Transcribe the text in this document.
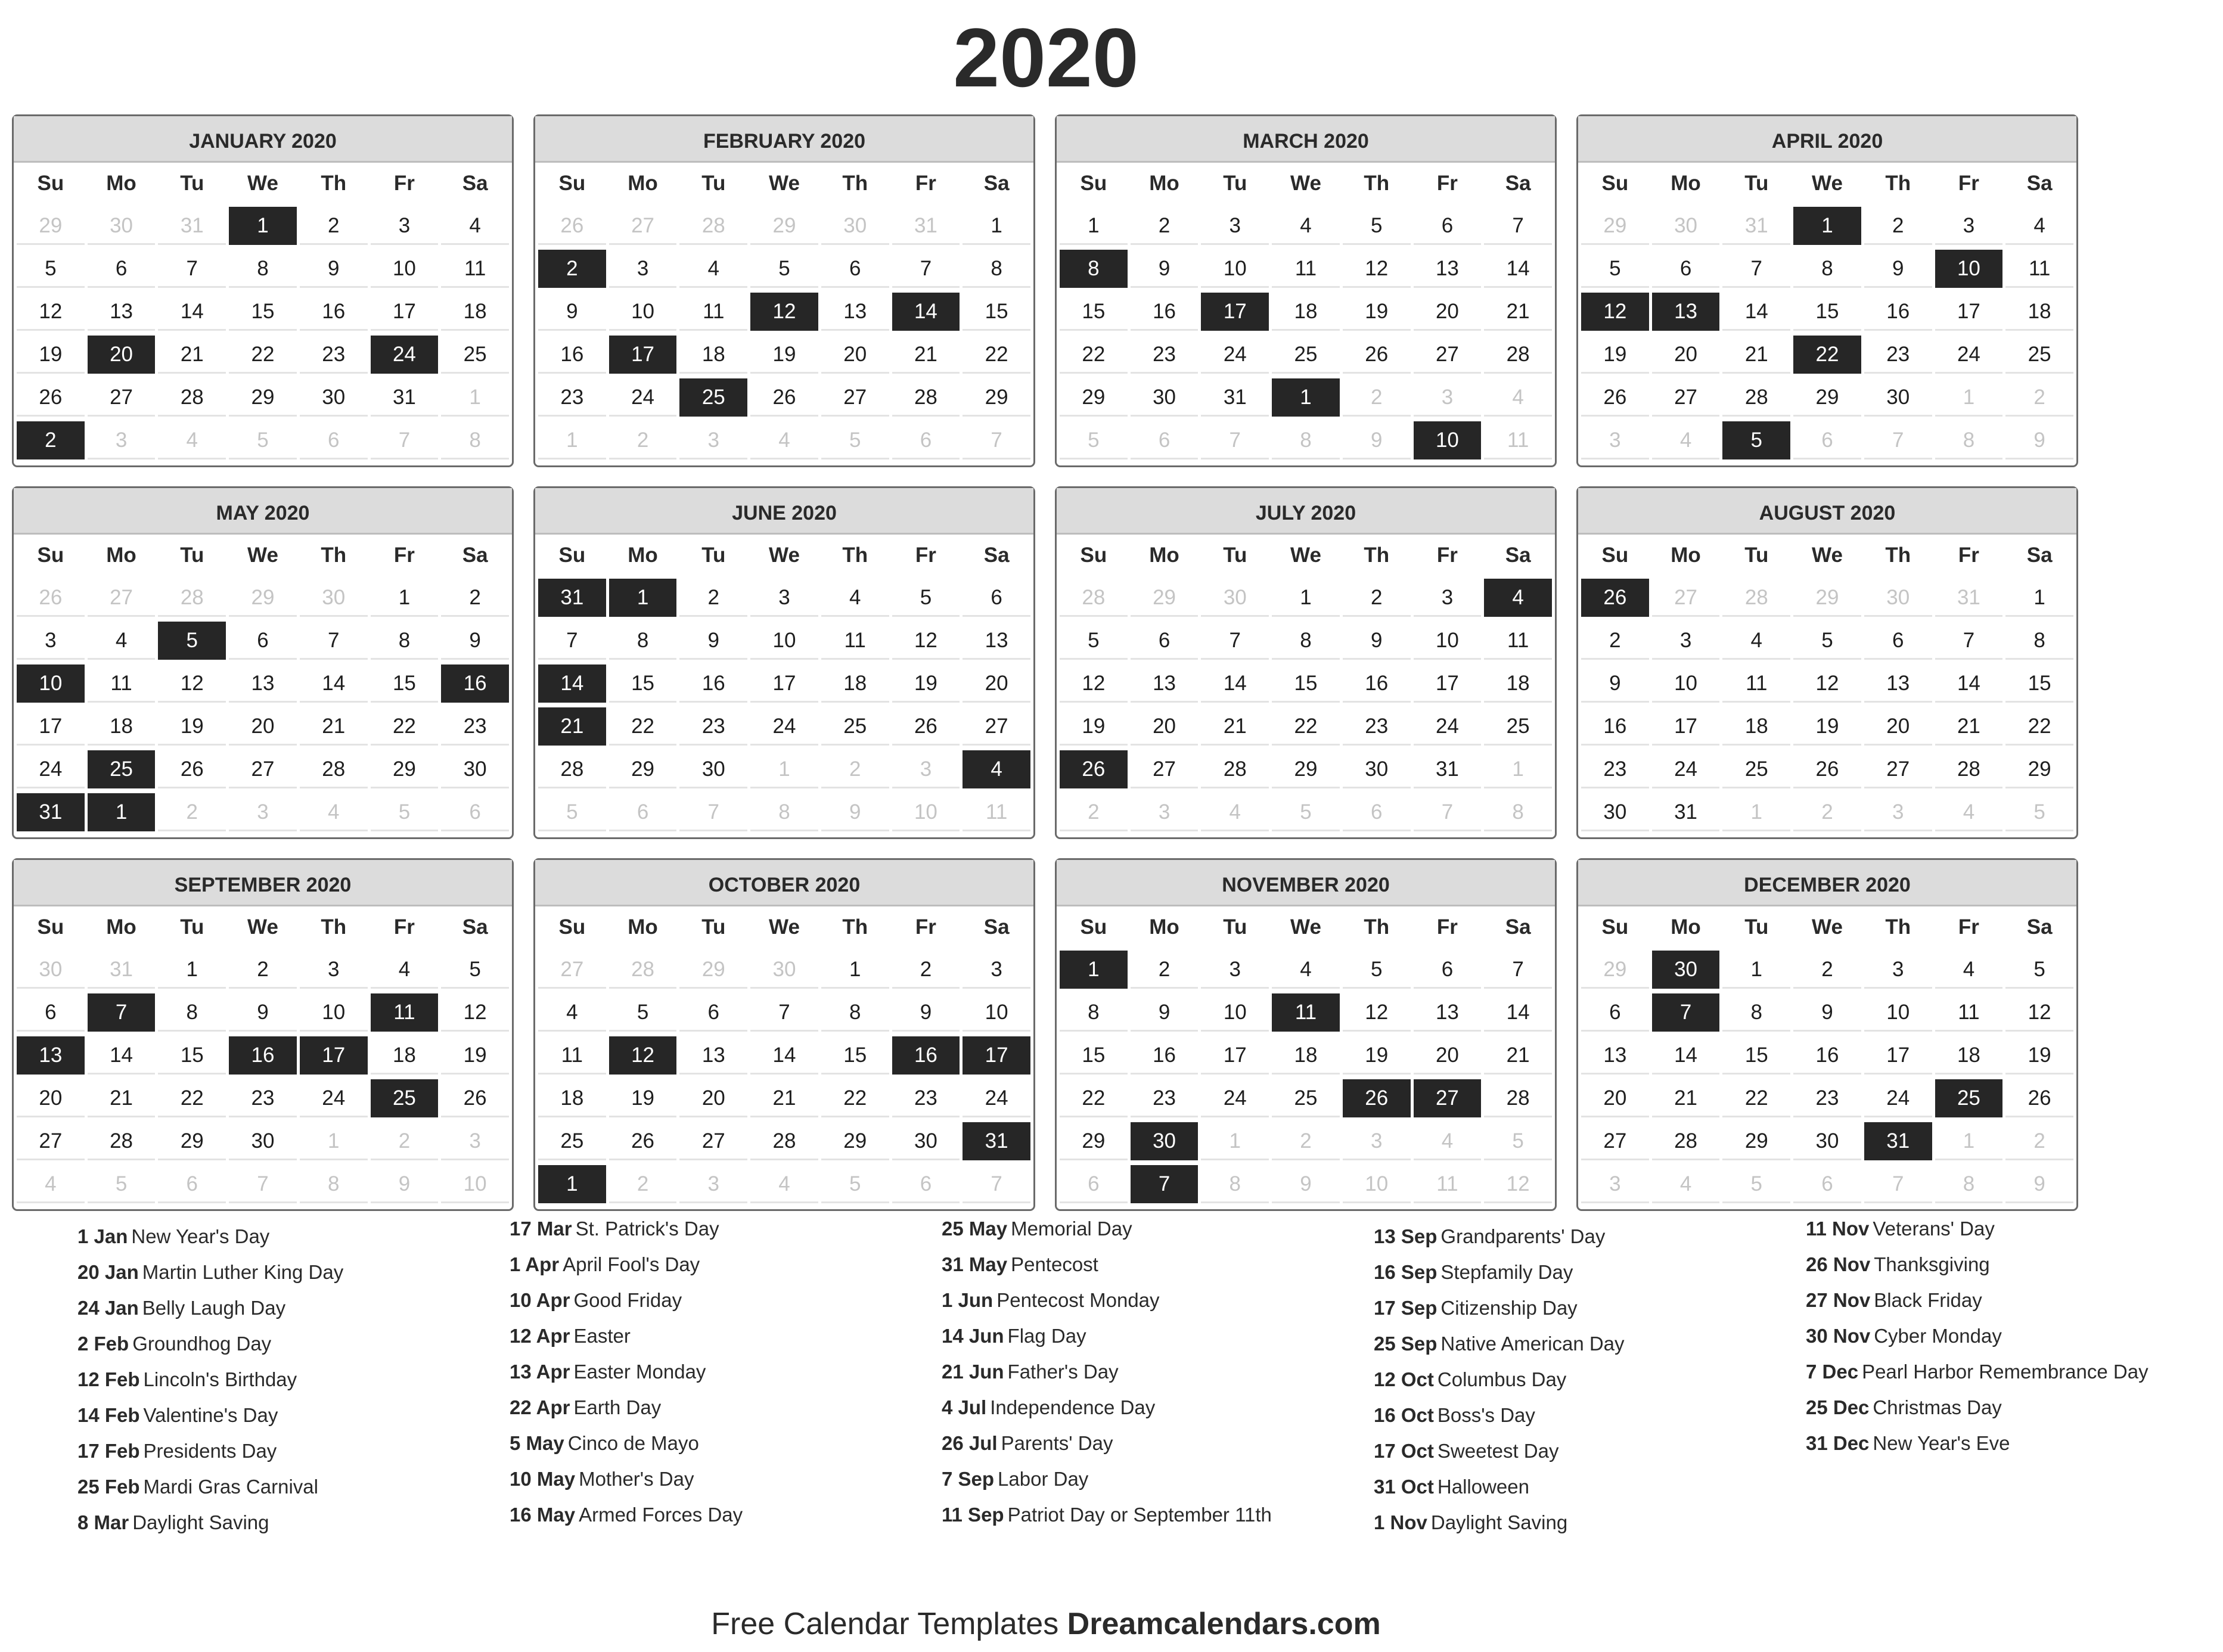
2020
JANUARY 2020
Su	Mo	Tu	We	Th	Fr	Sa
29	30	31	1	2	3	4
5	6	7	8	9	10	11
12	13	14	15	16	17	18
19	20	21	22	23	24	25
26	27	28	29	30	31	1
2	3	4	5	6	7	8
FEBRUARY 2020
Su	Mo	Tu	We	Th	Fr	Sa
26	27	28	29	30	31	1
2	3	4	5	6	7	8
9	10	11	12	13	14	15
16	17	18	19	20	21	22
23	24	25	26	27	28	29
1	2	3	4	5	6	7
MARCH 2020
Su	Mo	Tu	We	Th	Fr	Sa
1	2	3	4	5	6	7
8	9	10	11	12	13	14
15	16	17	18	19	20	21
22	23	24	25	26	27	28
29	30	31	1	2	3	4
5	6	7	8	9	10	11
APRIL 2020
Su	Mo	Tu	We	Th	Fr	Sa
29	30	31	1	2	3	4
5	6	7	8	9	10	11
12	13	14	15	16	17	18
19	20	21	22	23	24	25
26	27	28	29	30	1	2
3	4	5	6	7	8	9
MAY 2020
Su	Mo	Tu	We	Th	Fr	Sa
26	27	28	29	30	1	2
3	4	5	6	7	8	9
10	11	12	13	14	15	16
17	18	19	20	21	22	23
24	25	26	27	28	29	30
31	1	2	3	4	5	6
JUNE 2020
Su	Mo	Tu	We	Th	Fr	Sa
31	1	2	3	4	5	6
7	8	9	10	11	12	13
14	15	16	17	18	19	20
21	22	23	24	25	26	27
28	29	30	1	2	3	4
5	6	7	8	9	10	11
JULY 2020
Su	Mo	Tu	We	Th	Fr	Sa
28	29	30	1	2	3	4
5	6	7	8	9	10	11
12	13	14	15	16	17	18
19	20	21	22	23	24	25
26	27	28	29	30	31	1
2	3	4	5	6	7	8
AUGUST 2020
Su	Mo	Tu	We	Th	Fr	Sa
26	27	28	29	30	31	1
2	3	4	5	6	7	8
9	10	11	12	13	14	15
16	17	18	19	20	21	22
23	24	25	26	27	28	29
30	31	1	2	3	4	5
SEPTEMBER 2020
Su	Mo	Tu	We	Th	Fr	Sa
30	31	1	2	3	4	5
6	7	8	9	10	11	12
13	14	15	16	17	18	19
20	21	22	23	24	25	26
27	28	29	30	1	2	3
4	5	6	7	8	9	10
OCTOBER 2020
Su	Mo	Tu	We	Th	Fr	Sa
27	28	29	30	1	2	3
4	5	6	7	8	9	10
11	12	13	14	15	16	17
18	19	20	21	22	23	24
25	26	27	28	29	30	31
1	2	3	4	5	6	7
NOVEMBER 2020
Su	Mo	Tu	We	Th	Fr	Sa
1	2	3	4	5	6	7
8	9	10	11	12	13	14
15	16	17	18	19	20	21
22	23	24	25	26	27	28
29	30	1	2	3	4	5
6	7	8	9	10	11	12
DECEMBER 2020
Su	Mo	Tu	We	Th	Fr	Sa
29	30	1	2	3	4	5
6	7	8	9	10	11	12
13	14	15	16	17	18	19
20	21	22	23	24	25	26
27	28	29	30	31	1	2
3	4	5	6	7	8	9
1 Jan New Year's Day
20 Jan Martin Luther King Day
24 Jan Belly Laugh Day
2 Feb Groundhog Day
12 Feb Lincoln's Birthday
14 Feb Valentine's Day
17 Feb Presidents Day
25 Feb Mardi Gras Carnival
8 Mar Daylight Saving
17 Mar St. Patrick's Day
1 Apr April Fool's Day
10 Apr Good Friday
12 Apr Easter
13 Apr Easter Monday
22 Apr Earth Day
5 May Cinco de Mayo
10 May Mother's Day
16 May Armed Forces Day
25 May Memorial Day
31 May Pentecost
1 Jun Pentecost Monday
14 Jun Flag Day
21 Jun Father's Day
4 Jul Independence Day
26 Jul Parents' Day
7 Sep Labor Day
11 Sep Patriot Day or September 11th
13 Sep Grandparents' Day
16 Sep Stepfamily Day
17 Sep Citizenship Day
25 Sep Native American Day
12 Oct Columbus Day
16 Oct Boss's Day
17 Oct Sweetest Day
31 Oct Halloween
1 Nov Daylight Saving
11 Nov Veterans' Day
26 Nov Thanksgiving
27 Nov Black Friday
30 Nov Cyber Monday
7 Dec Pearl Harbor Remembrance Day
25 Dec Christmas Day
31 Dec New Year's Eve
Free Calendar Templates Dreamcalendars.com
